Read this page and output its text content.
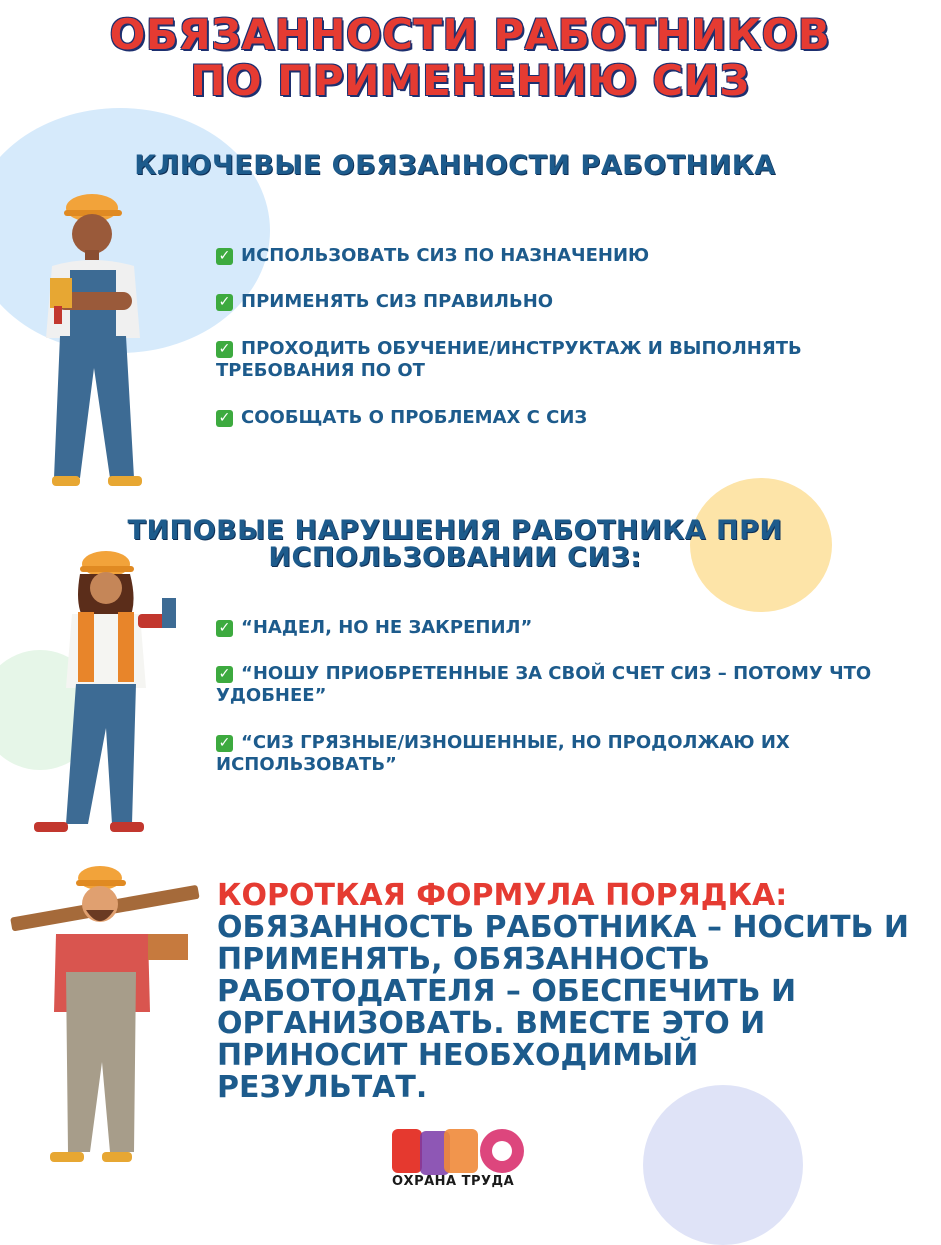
ОБЯЗАННОСТИ РАБОТНИКОВ
ПО ПРИМЕНЕНИЮ СИЗ
КЛЮЧЕВЫЕ ОБЯЗАННОСТИ РАБОТНИКА
✓ ИСПОЛЬЗОВАТЬ СИЗ ПО НАЗНАЧЕНИЮ
✓ ПРИМЕНЯТЬ СИЗ ПРАВИЛЬНО
✓ ПРОХОДИТЬ ОБУЧЕНИЕ/ИНСТРУКТАЖ И ВЫПОЛНЯТЬ ТРЕБОВАНИЯ ПО ОТ
✓ СООБЩАТЬ О ПРОБЛЕМАХ С СИЗ
ТИПОВЫЕ НАРУШЕНИЯ РАБОТНИКА ПРИ
ИСПОЛЬЗОВАНИИ СИЗ:
✓ “НАДЕЛ, НО НЕ ЗАКРЕПИЛ”
✓ “НОШУ ПРИОБРЕТЕННЫЕ ЗА СВОЙ СЧЕТ СИЗ – ПОТОМУ ЧТО УДОБНЕЕ”
✓ “СИЗ ГРЯЗНЫЕ/ИЗНОШЕННЫЕ, НО ПРОДОЛЖАЮ ИХ ИСПОЛЬЗОВАТЬ”
КОРОТКАЯ ФОРМУЛА ПОРЯДКА:
ОБЯЗАННОСТЬ РАБОТНИКА – НОСИТЬ И ПРИМЕНЯТЬ, ОБЯЗАННОСТЬ РАБОТОДАТЕЛЯ – ОБЕСПЕЧИТЬ И ОРГАНИЗОВАТЬ. ВМЕСТЕ ЭТО И ПРИНОСИТ НЕОБХОДИМЫЙ РЕЗУЛЬТАТ.
ОХРАНА ТРУДА
